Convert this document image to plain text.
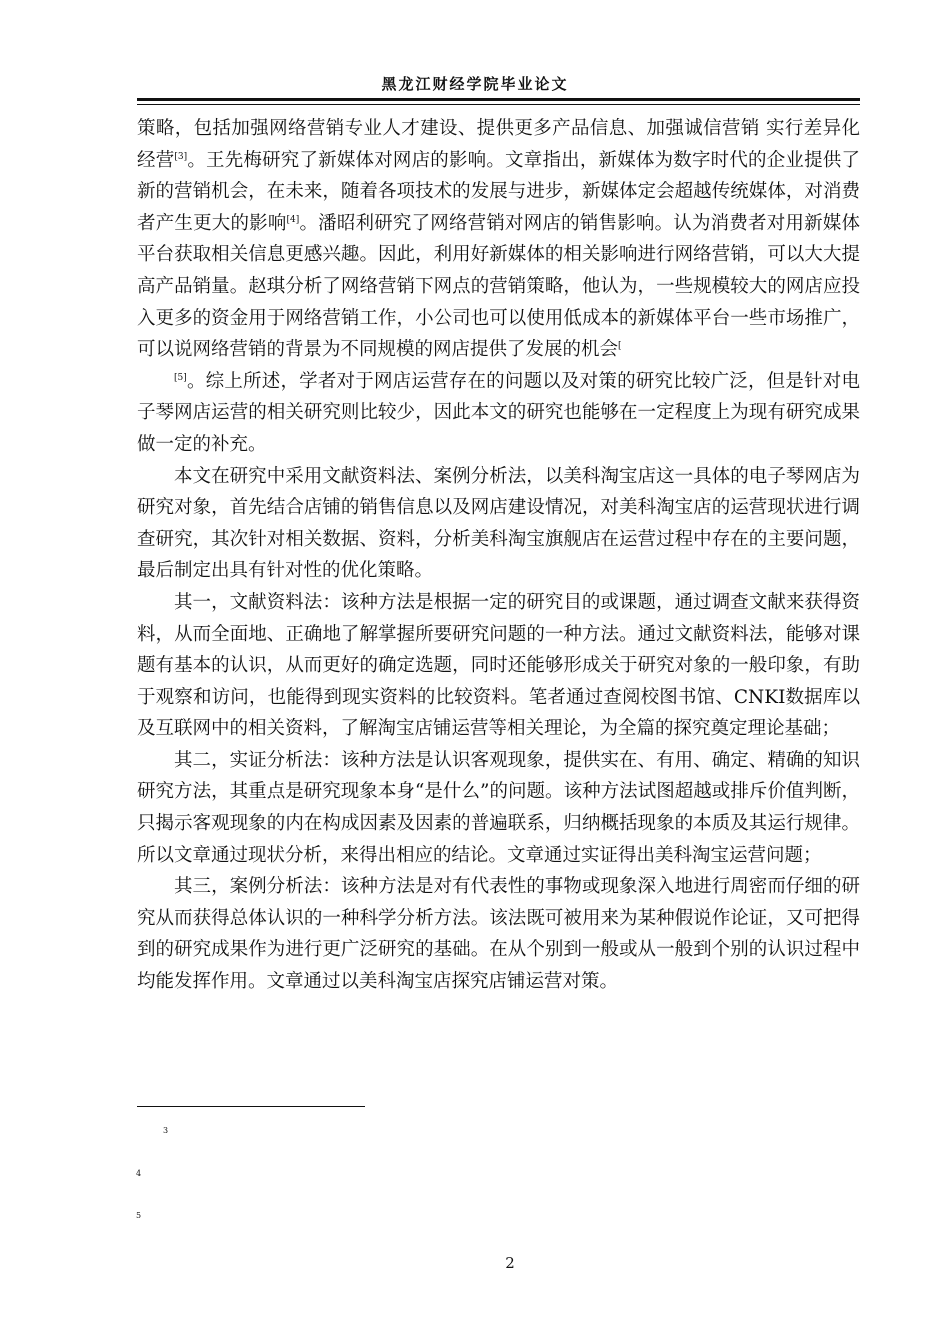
黑龙江财经学院毕业论文

策略，包括加强网络营销专业人才建设、提供更多产品信息、加强诚信营销 实行差异化经营[3]。王先梅研究了新媒体对网店的影响。文章指出，新媒体为数字时代的企业提供了新的营销机会，在未来，随着各项技术的发展与进步，新媒体定会超越传统媒体，对消费者产生更大的影响[4]。潘昭利研究了网络营销对网店的销售影响。认为消费者对用新媒体平台获取相关信息更感兴趣。因此，利用好新媒体的相关影响进行网络营销，可以大大提高产品销量。赵琪分析了网络营销下网点的营销策略，他认为，一些规模较大的网店应投入更多的资金用于网络营销工作，小公司也可以使用低成本的新媒体平台一些市场推广，可以说网络营销的背景为不同规模的网店提供了发展的机会[

[5]。综上所述，学者对于网店运营存在的问题以及对策的研究比较广泛，但是针对电子琴网店运营的相关研究则比较少，因此本文的研究也能够在一定程度上为现有研究成果做一定的补充。

本文在研究中采用文献资料法、案例分析法，以美科淘宝店这一具体的电子琴网店为研究对象，首先结合店铺的销售信息以及网店建设情况，对美科淘宝店的运营现状进行调查研究，其次针对相关数据、资料，分析美科淘宝旗舰店在运营过程中存在的主要问题，最后制定出具有针对性的优化策略。

其一，文献资料法：该种方法是根据一定的研究目的或课题，通过调查文献来获得资料，从而全面地、正确地了解掌握所要研究问题的一种方法。通过文献资料法，能够对课题有基本的认识，从而更好的确定选题，同时还能够形成关于研究对象的一般印象，有助于观察和访问，也能得到现实资料的比较资料。笔者通过查阅校图书馆、CNKI数据库以及互联网中的相关资料，了解淘宝店铺运营等相关理论，为全篇的探究奠定理论基础；

其二，实证分析法：该种方法是认识客观现象，提供实在、有用、确定、精确的知识研究方法，其重点是研究现象本身“是什么”的问题。该种方法试图超越或排斥价值判断，只揭示客观现象的内在构成因素及因素的普遍联系，归纳概括现象的本质及其运行规律。所以文章通过现状分析，来得出相应的结论。文章通过实证得出美科淘宝运营问题；

其三，案例分析法：该种方法是对有代表性的事物或现象深入地进行周密而仔细的研究从而获得总体认识的一种科学分析方法。该法既可被用来为某种假说作论证，又可把得到的研究成果作为进行更广泛研究的基础。在从个别到一般或从一般到个别的认识过程中均能发挥作用。文章通过以美科淘宝店探究店铺运营对策。

3
4
5
2
